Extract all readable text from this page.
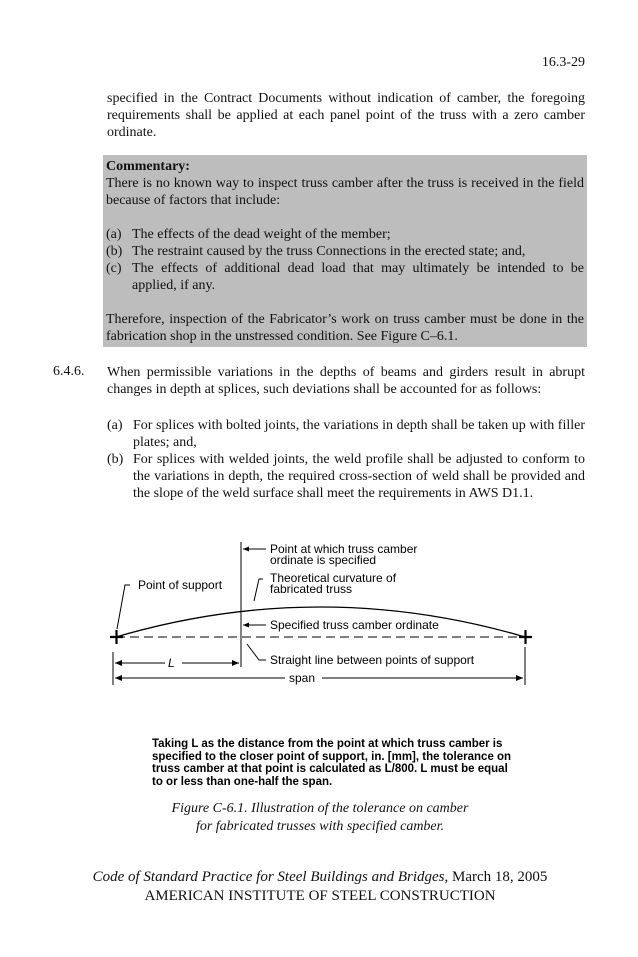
16.3-29
specified in the Contract Documents without indication of camber, the foregoing requirements shall be applied at each panel point of the truss with a zero camber ordinate.

Commentary:

There is no known way to inspect truss camber after the truss is received in the field because of factors that include:

(a) The effects of the dead weight of the member;
(b) The restraint caused by the truss Connections in the erected state; and,
(c) The effects of additional dead load that may ultimately be intended to be applied, if any.

Therefore, inspection of the Fabricator’s work on truss camber must be done in the fabrication shop in the unstressed condition. See Figure C–6.1.

6.4.6. When permissible variations in the depths of beams and girders result in abrupt changes in depth at splices, such deviations shall be accounted for as follows:
(a) For splices with bolted joints, the variations in depth shall be taken up with filler plates; and,
(b) For splices with welded joints, the weld profile shall be adjusted to conform to the variations in depth, the required cross-section of weld shall be provided and the slope of the weld surface shall meet the requirements in AWS D1.1.
L
span
Point at which truss camber
ordinate is specified
Point of support	Theoretical curvature of
fabricated truss
Specified truss camber ordinate
Straight line between points of support
Taking L as the distance from the point at which truss camber is specified to the closer point of support, in. [mm], the tolerance on truss camber at that point is calculated as L/800. L must be equal to or less than one-half the span.
Figure C-6.1. Illustration of the tolerance on camber
for fabricated trusses with specified camber.
Code of Standard Practice for Steel Buildings and Bridges, March 18, 2005
AMERICAN INSTITUTE OF STEEL CONSTRUCTION
